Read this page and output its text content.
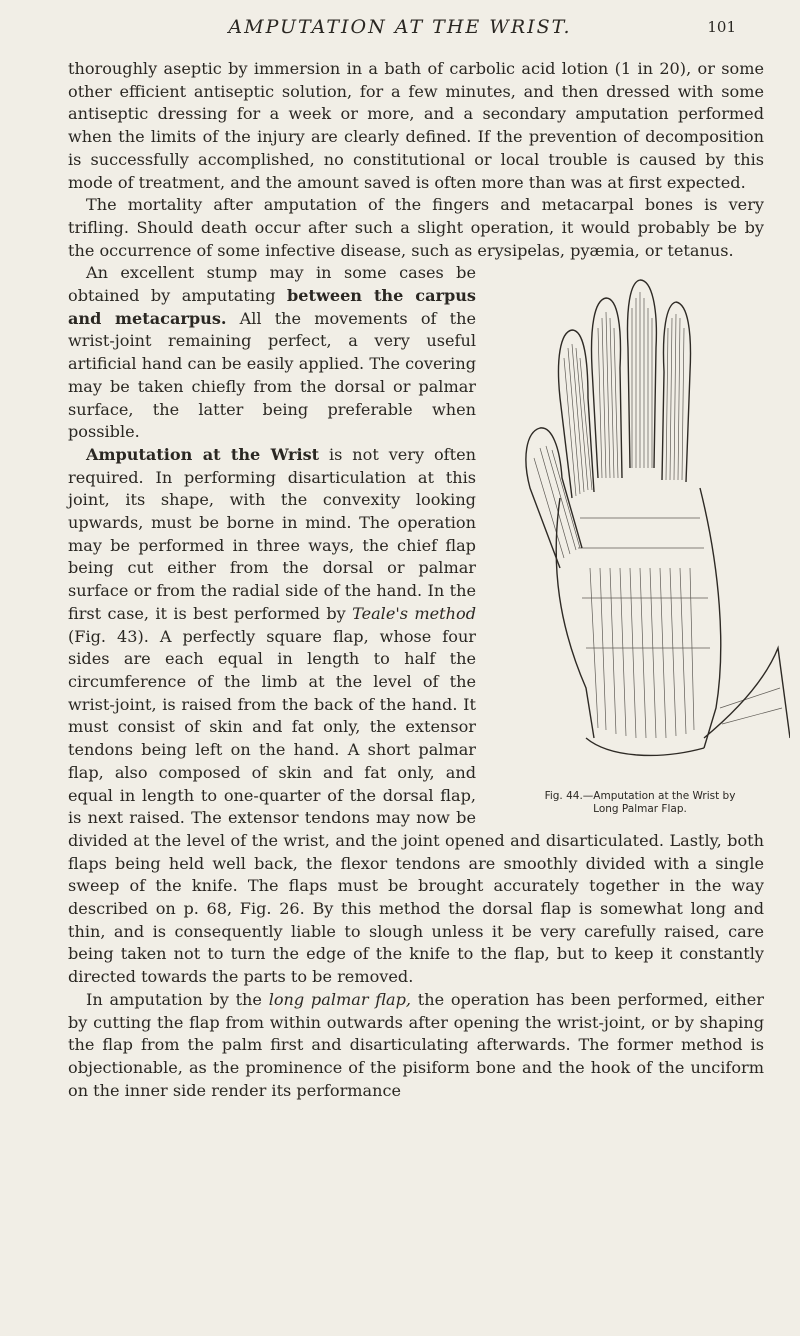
AMPUTATION AT THE WRIST.	101

thoroughly aseptic by immersion in a bath of carbolic acid lotion (1 in 20), or some other efficient antiseptic solution, for a few minutes, and then dressed with some antiseptic dressing for a week or more, and a secondary amputation performed when the limits of the injury are clearly defined. If the prevention of decomposition is successfully accomplished, no constitutional or local trouble is caused by this mode of treatment, and the amount saved is often more than was at first expected.

The mortality after amputation of the fingers and metacarpal bones is very trifling. Should death occur after such a slight operation, it would probably be by the occurrence of some infective disease, such as erysipelas, pyæmia, or tetanus.

Fig. 44.—Amputation at the Wrist by
Long Palmar Flap.

An excellent stump may in some cases be obtained by amputating between the carpus and metacarpus. All the movements of the wrist-joint remaining perfect, a very useful artificial hand can be easily applied. The covering may be taken chiefly from the dorsal or palmar surface, the latter being preferable when possible.

Amputation at the Wrist is not very often required. In performing disarticulation at this joint, its shape, with the convexity looking upwards, must be borne in mind. The operation may be performed in three ways, the chief flap being cut either from the dorsal or palmar surface or from the radial side of the hand. In the first case, it is best performed by Teale's method (Fig. 43). A perfectly square flap, whose four sides are each equal in length to half the circumference of the limb at the level of the wrist-joint, is raised from the back of the hand. It must consist of skin and fat only, the extensor tendons being left on the hand. A short palmar flap, also composed of skin and fat only, and equal in length to one-quarter of the dorsal flap, is next raised. The extensor tendons may now be divided at the level of the wrist, and the joint opened and disarticulated. Lastly, both flaps being held well back, the flexor tendons are smoothly divided with a single sweep of the knife. The flaps must be brought accurately together in the way described on p. 68, Fig. 26. By this method the dorsal flap is somewhat long and thin, and is consequently liable to slough unless it be very carefully raised, care being taken not to turn the edge of the knife to the flap, but to keep it constantly directed towards the parts to be removed.

In amputation by the long palmar flap, the operation has been performed, either by cutting the flap from within outwards after opening the wrist-joint, or by shaping the flap from the palm first and disarticulating afterwards. The former method is objectionable, as the prominence of the pisiform bone and the hook of the unciform on the inner side render its performance
